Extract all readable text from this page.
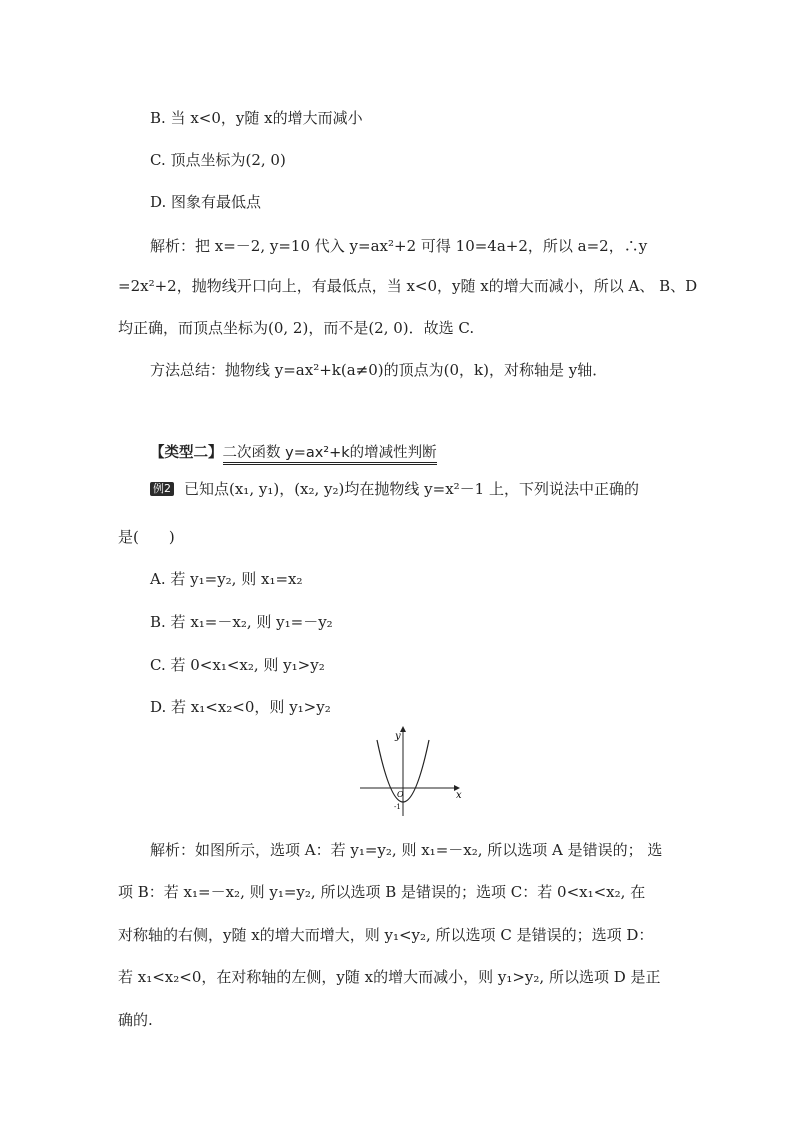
B. 当 x<0，y随 x的增大而减小
C. 顶点坐标为(2, 0)
D. 图象有最低点
解析：把 x=－2, y=10 代入 y=ax²+2 可得 10=4a+2，所以 a=2，∴y
=2x²+2，抛物线开口向上，有最低点，当 x<0，y随 x的增大而减小，所以 A、 B、D
均正确，而顶点坐标为(0, 2)，而不是(2, 0)．故选 C.
方法总结：抛物线 y=ax²+k(a≠0)的顶点为(0，k)，对称轴是 y轴．
【类型二】二次函数 y=ax²+k的增减性判断
例2 已知点(x₁, y₁)，(x₂, y₂)均在抛物线 y=x²－1 上，下列说法中正确的
是(　　)
A. 若 y₁=y₂, 则 x₁=x₂
B. 若 x₁=－x₂, 则 y₁=－y₂
C. 若 0<x₁<x₂, 则 y₁>y₂
D. 若 x₁<x₂<0，则 y₁>y₂
x
y
O
-1
解析：如图所示，选项 A：若 y₁=y₂, 则 x₁=－x₂, 所以选项 A 是错误的； 选
项 B：若 x₁=－x₂, 则 y₁=y₂, 所以选项 B 是错误的；选项 C：若 0<x₁<x₂, 在
对称轴的右侧，y随 x的增大而增大，则 y₁<y₂, 所以选项 C 是错误的；选项 D：
若 x₁<x₂<0，在对称轴的左侧，y随 x的增大而减小，则 y₁>y₂, 所以选项 D 是正
确的.
